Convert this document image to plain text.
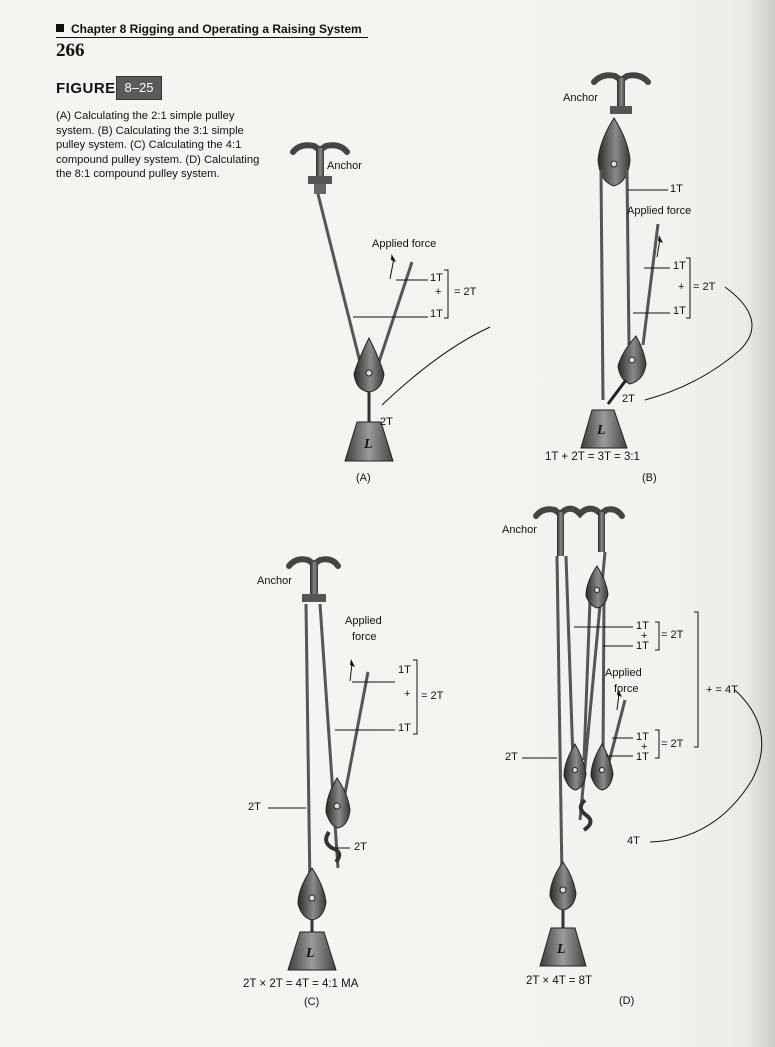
Chapter 8 Rigging and Operating a Raising System
266
FIGURE 8–25
(A) Calculating the 2:1 simple pulley system. (B) Calculating the 3:1 simple pulley system. (C) Calculating the 4:1 compound pulley system. (D) Calculating the 8:1 compound pulley system.
L
L
L	L
Anchor
Applied force
1T
+
1T
= 2T
2T
(A)
Anchor
1T
Applied force
1T
+
1T
= 2T
2T
1T + 2T = 3T = 3:1
(B)
Anchor
Applied
force
1T
+
1T
= 2T
2T
2T
2T × 2T = 4T = 4:1 MA
(C)
Anchor
1T
+
1T
= 2T
Applied
force	+ = 4T
1T
+
1T
= 2T
2T
4T
2T × 4T = 8T
(D)
